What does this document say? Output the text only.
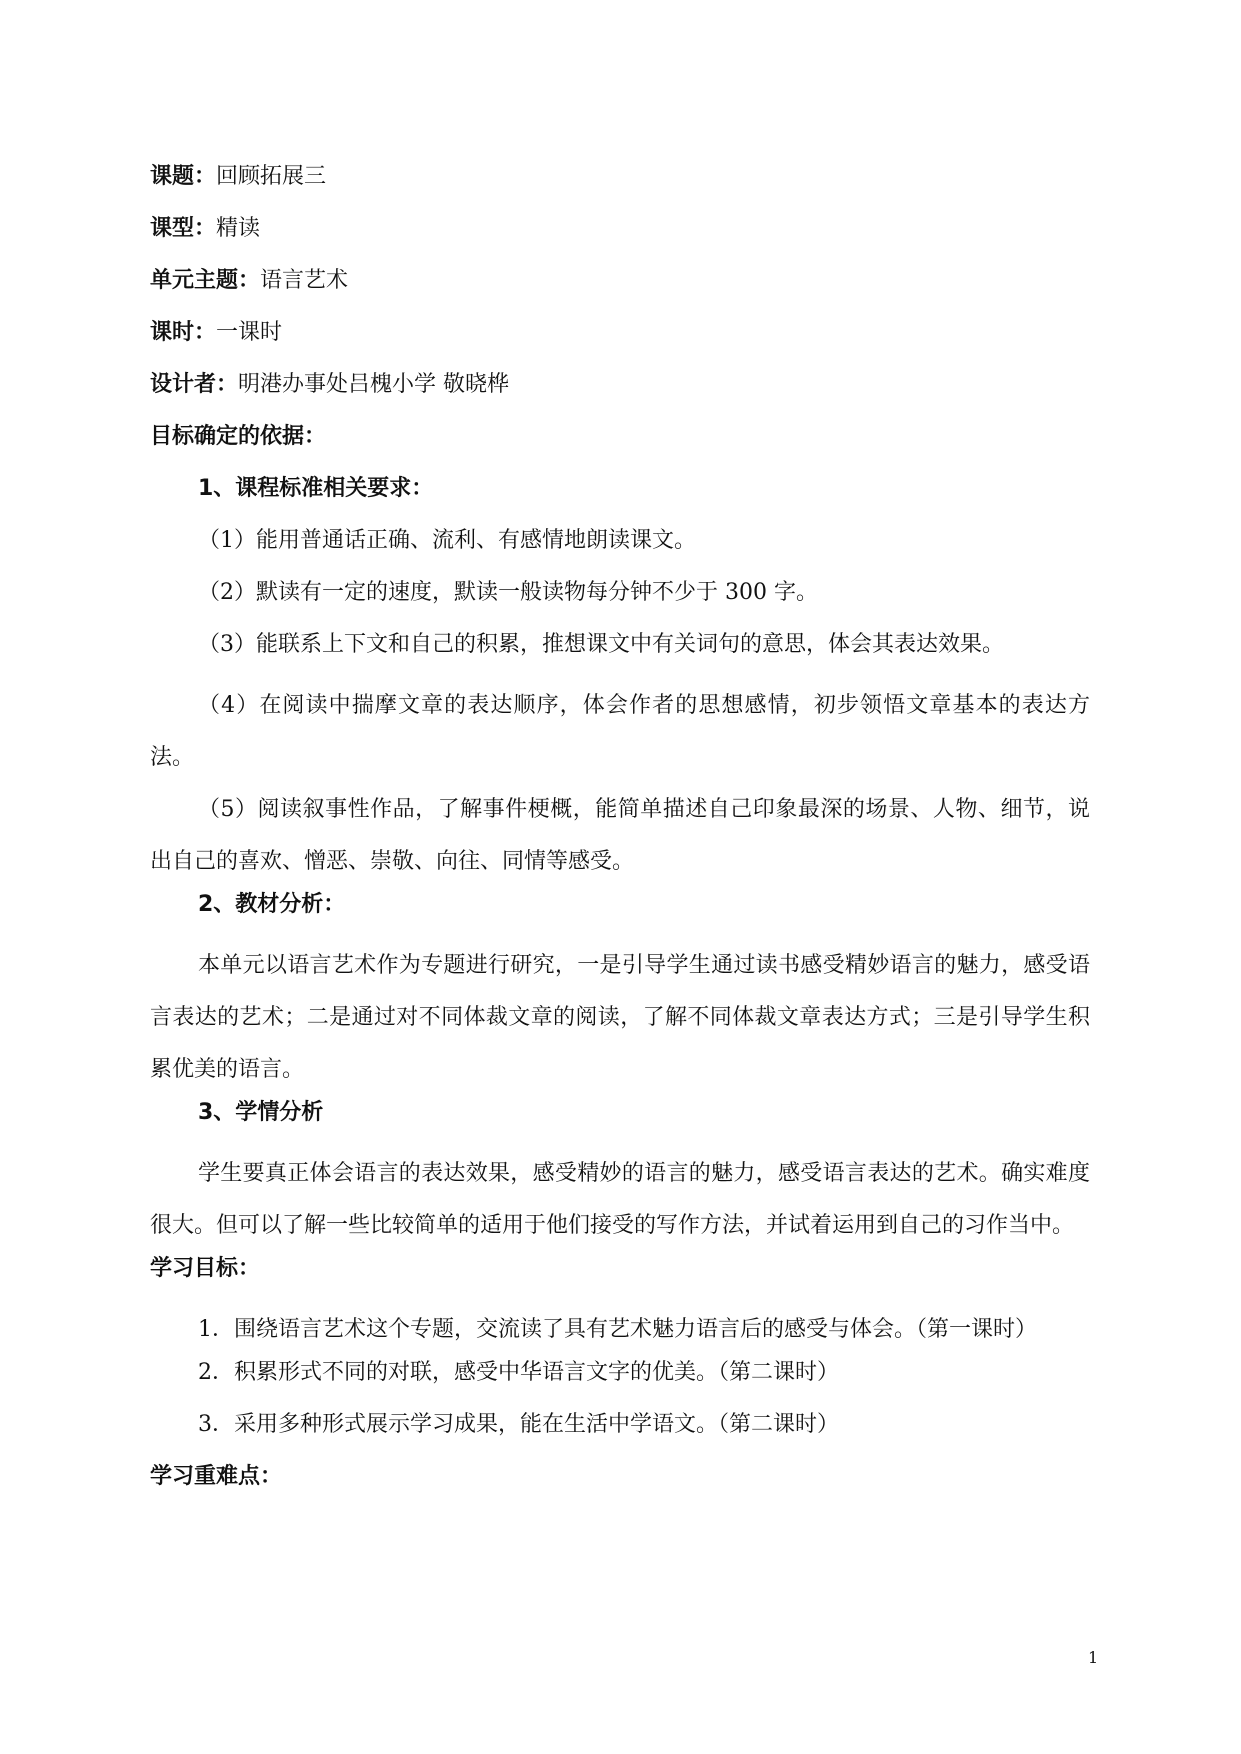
课题：回顾拓展三
课型：精读
单元主题：语言艺术
课时：一课时
设计者：明港办事处吕槐小学 敬晓桦
目标确定的依据：
1、课程标准相关要求：
（1）能用普通话正确、流利、有感情地朗读课文。
（2）默读有一定的速度，默读一般读物每分钟不少于 300 字。
（3）能联系上下文和自己的积累，推想课文中有关词句的意思，体会其表达效果。
（4）在阅读中揣摩文章的表达顺序，体会作者的思想感情，初步领悟文章基本的表达方法。
（5）阅读叙事性作品，了解事件梗概，能简单描述自己印象最深的场景、人物、细节，说出自己的喜欢、憎恶、崇敬、向往、同情等感受。
2、教材分析：
本单元以语言艺术作为专题进行研究，一是引导学生通过读书感受精妙语言的魅力，感受语言表达的艺术；二是通过对不同体裁文章的阅读，了解不同体裁文章表达方式；三是引导学生积累优美的语言。
3、学情分析
学生要真正体会语言的表达效果，感受精妙的语言的魅力，感受语言表达的艺术。确实难度很大。但可以了解一些比较简单的适用于他们接受的写作方法，并试着运用到自己的习作当中。
学习目标：
1．围绕语言艺术这个专题，交流读了具有艺术魅力语言后的感受与体会。（第一课时）
2．积累形式不同的对联，感受中华语言文字的优美。（第二课时）
3．采用多种形式展示学习成果，能在生活中学语文。（第二课时）
学习重难点：
1
